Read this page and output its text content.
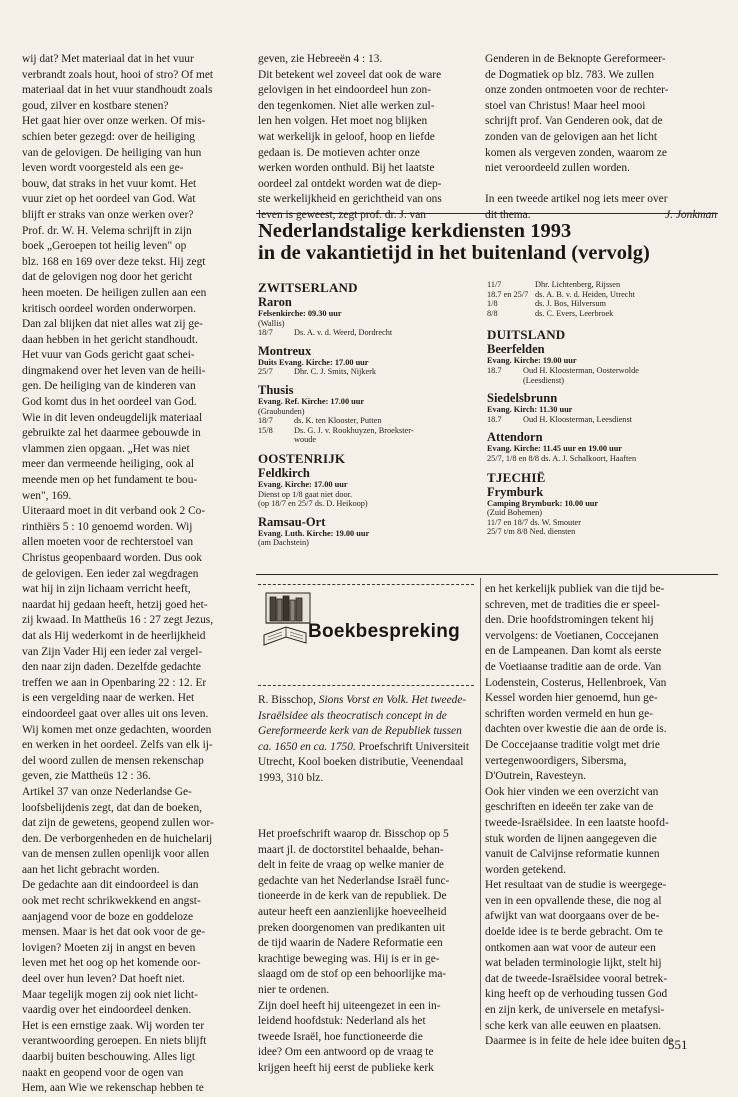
wij dat? Met materiaal dat in het vuur

verbrandt zoals hout, hooi of stro? Of met

materiaal dat in het vuur standhoudt zoals

goud, zilver en kostbare stenen?

Het gaat hier over onze werken. Of mis-

schien beter gezegd: over de heiliging

van de gelovigen. De heiliging van hun

leven wordt voorgesteld als een ge-

bouw, dat straks in het vuur komt. Het

vuur ziet op het oordeel van God. Wat

blijft er straks van onze werken over?

Prof. dr. W. H. Velema schrijft in zijn

boek „Geroepen tot heilig leven" op

blz. 168 en 169 over deze tekst. Hij zegt

dat de gelovigen nog door het gericht

heen moeten. De heiligen zullen aan een

kritisch oordeel worden onderworpen.

Dan zal blijken dat niet alles wat zij ge-

daan hebben in het gericht standhoudt.

Het vuur van Gods gericht gaat schei-

dingmakend over het leven van de heili-

gen. De heiliging van de kinderen van

God komt dus in het oordeel van God.

Wie in dit leven ondeugdelijk materiaal

gebruikte zal het daarmee gebouwde in

vlammen zien opgaan. „Het was niet

meer dan vermeende heiliging, ook al

meende men op het fundament te bou-

wen", 169.

Uiteraard moet in dit verband ook 2 Co-

rinthiërs 5 : 10 genoemd worden. Wij

allen moeten voor de rechterstoel van

Christus geopenbaard worden. Dus ook

de gelovigen. Een ieder zal wegdragen

wat hij in zijn lichaam verricht heeft,

naardat hij gedaan heeft, hetzij goed het-

zij kwaad. In Mattheüs 16 : 27 zegt Jezus,

dat als Hij wederkomt in de heerlijkheid

van Zijn Vader Hij een ieder zal vergel-

den naar zijn daden. Dezelfde gedachte

treffen we aan in Openbaring 22 : 12. Er

is een vergelding naar de werken. Het

eindoordeel gaat over alles uit ons leven.

Wij komen met onze gedachten, woorden

en werken in het oordeel. Zelfs van elk ij-

del woord zullen de mensen rekenschap

geven, zie Mattheüs 12 : 36.

Artikel 37 van onze Nederlandse Ge-

loofsbelijdenis zegt, dat dan de boeken,

dat zijn de gewetens, geopend zullen wor-

den. De verborgenheden en de huichelarij

van de mensen zullen openlijk voor allen

aan het licht gebracht worden.

De gedachte aan dit eindoordeel is dan

ook met recht schrikwekkend en angst-

aanjagend voor de boze en goddeloze

mensen. Maar is het dat ook voor de ge-

lovigen? Moeten zij in angst en beven

leven met het oog op het komende oor-

deel over hun leven? Dat hoeft niet.

Maar tegelijk mogen zij ook niet licht-

vaardig over het eindoordeel denken.

Het is een ernstige zaak. Wij worden ter

verantwoording geroepen. En niets blijft

daarbij buiten beschouwing. Alles ligt

naakt en geopend voor de ogen van

Hem, aan Wie we rekenschap hebben te

geven, zie Hebreeën 4 : 13.

Dit betekent wel zoveel dat ook de ware

gelovigen in het eindoordeel hun zon-

den tegenkomen. Niet alle werken zul-

len hen volgen. Het moet nog blijken

wat werkelijk in geloof, hoop en liefde

gedaan is. De motieven achter onze

werken worden onthuld. Bij het laatste

oordeel zal ontdekt worden wat de diep-

ste werkelijkheid en gerichtheid van ons

leven is geweest, zegt prof. dr. J. van

Genderen in de Beknopte Gereformeer-

de Dogmatiek op blz. 783. We zullen

onze zonden ontmoeten voor de rechter-

stoel van Christus! Maar heel mooi

schrijft prof. Van Genderen ook, dat de

zonden van de gelovigen aan het licht

komen als vergeven zonden, waarom ze

niet veroordeeld zullen worden.

In een tweede artikel nog iets meer over

dit thema.	J. Jonkman
Nederlandstalige kerkdiensten 1993
in de vakantietijd in het buitenland (vervolg)
ZWITSERLAND
Raron
Felsenkirche: 09.30 uur
(Wallis)
18/7	Ds. A. v. d. Weerd, Dordrecht
Montreux
Duits Evang. Kirche: 17.00 uur
25/7	Dhr. C. J. Smits, Nijkerk
Thusis
Evang. Ref. Kirche: 17.00 uur
(Graubunden)
18/7	ds. K. ten Klooster, Putten
15/8	Ds. G. J. v. Rookhuyzen, Broekster-
woude
OOSTENRIJK
Feldkirch
Evang. Kirche: 17.00 uur
Dienst op 1/8 gaat niet door.
(op 18/7 en 25/7 ds. D. Heikoop)
Ramsau-Ort
Evang. Luth. Kirche: 19.00 uur
(am Dachstein)
11/7	Dhr. Lichtenberg, Rijssen
18.7 en 25/7 ds. A. B. v. d. Heiden, Utrecht
1/8	ds. J. Bos, Hilversum
8/8	ds. C. Evers, Leerbroek
DUITSLAND
Beerfelden
Evang. Kirche: 19.00 uur
18.7	Oud H. Kloosterman, Oosterwolde
(Leesdienst)
Siedelsbrunn
Evang. Kirch: 11.30 uur
18.7	Oud H. Kloosterman, Leesdienst
Attendorn
Evang. Kirche: 11.45 uur en 19.00 uur
25/7, 1/8 en 8/8 ds. A. J. Schalkoort, Haaften
TJECHIË
Frymburk
Camping Brymburk: 10.00 uur
(Zuid Bohemen)
11/7 en 18/7 ds. W. Smouter
25/7 t/m 8/8 Ned. diensten
Boekbespreking
R. Bisschop, Sions Vorst en Volk. Het tweede-Israëlsidee als theocratisch concept in de Gereformeerde kerk van de Republiek tussen ca. 1650 en ca. 1750. Proefschrift Universiteit Utrecht, Kool boeken distributie, Veenendaal 1993, 310 blz.

Het proefschrift waarop dr. Bisschop op 5

maart jl. de doctorstitel behaalde, behan-

delt in feite de vraag op welke manier de

gedachte van het Nederlandse Israël func-

tioneerde in de kerk van de republiek. De

auteur heeft een aanzienlijke hoeveelheid

preken doorgenomen van predikanten uit

de tijd waarin de Nadere Reformatie een

krachtige beweging was. Hij is er in ge-

slaagd om de stof op een behoorlijke ma-

nier te ordenen.

Zijn doel heeft hij uiteengezet in een in-

leidend hoofdstuk: Nederland als het

tweede Israël, hoe functioneerde die

idee? Om een antwoord op de vraag te

krijgen heeft hij eerst de publieke kerk

en het kerkelijk publiek van die tijd be-

schreven, met de tradities die er speel-

den. Drie hoofdstromingen tekent hij

vervolgens: de Voetianen, Coccejanen

en de Lampeanen. Dan komt als eerste

de Voetiaanse traditie aan de orde. Van

Lodenstein, Costerus, Hellenbroek, Van

Kessel worden hier genoemd, hun ge-

schriften worden vermeld en hun ge-

dachten over kwestie die aan de orde is.

De Coccejaanse traditie volgt met drie

vertegenwoordigers, Sibersma,

D'Outrein, Ravesteyn.

Ook hier vinden we een overzicht van

geschriften en ideeën ter zake van de

tweede-Israëlsidee. In een laatste hoofd-

stuk worden de lijnen aangegeven die

vanuit de Calvijnse reformatie kunnen

worden getekend.

Het resultaat van de studie is weergege-

ven in een opvallende these, die nog al

afwijkt van wat doorgaans over de be-

doelde idee is te berde gebracht. Om te

ontkomen aan wat voor de auteur een

wat beladen terminologie lijkt, stelt hij

dat de tweede-Israëlsidee vooral betrek-

king heeft op de verhouding tussen God

en zijn kerk, de universele en metafysi-

sche kerk van alle eeuwen en plaatsen.

Daarmee is in feite de hele idee buiten de

551
